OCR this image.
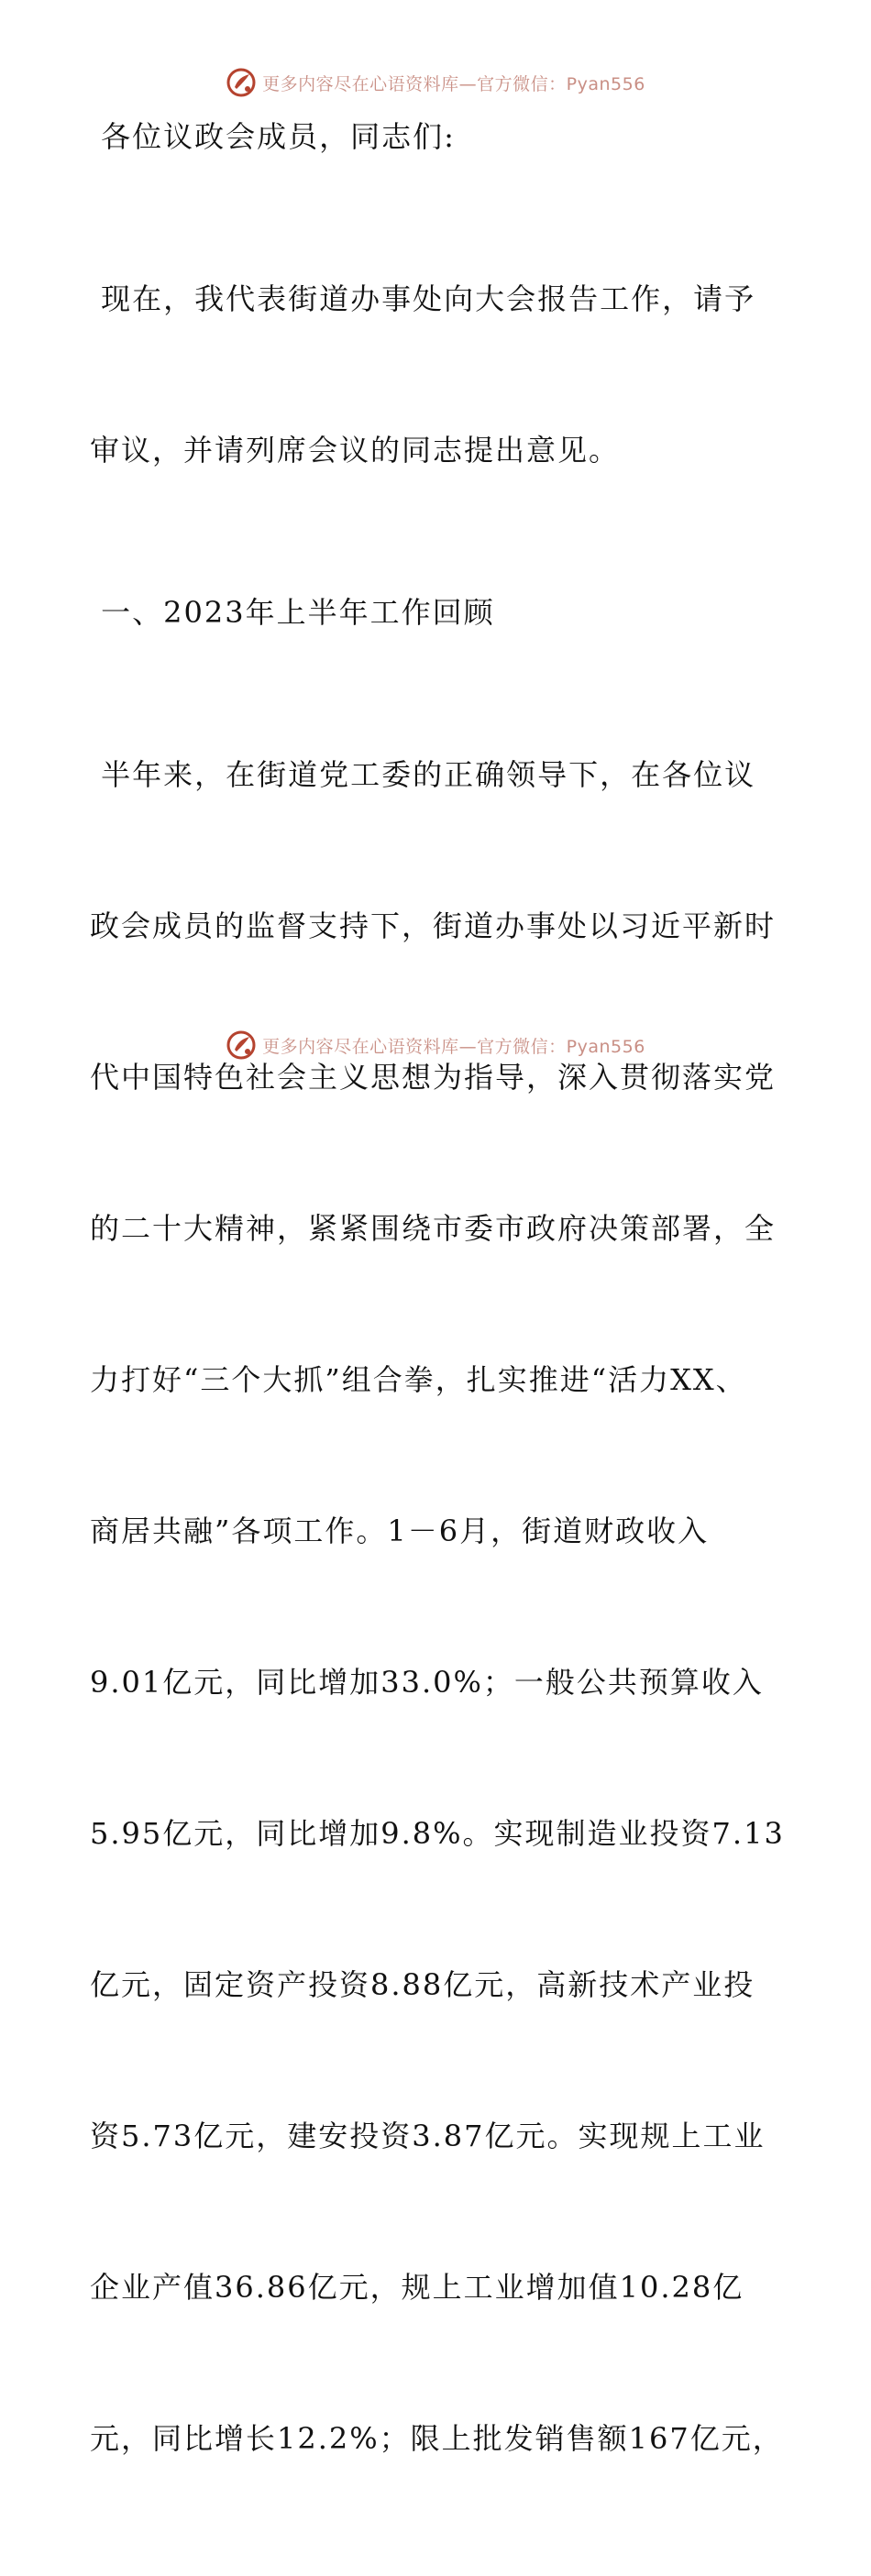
更多内容尽在心语资料库—官方微信：Pyan556

各位议政会成员，同志们:

现在，我代表街道办事处向大会报告工作，请予

审议，并请列席会议的同志提出意见。

一、2023年上半年工作回顾

半年来，在街道党工委的正确领导下，在各位议

政会成员的监督支持下，街道办事处以习近平新时

代中国特色社会主义思想为指导，深入贯彻落实党

的二十大精神，紧紧围绕市委市政府决策部署，全

力打好“三个大抓”组合拳，扎实推进“活力XX、

商居共融”各项工作。1－6月，街道财政收入

9.01亿元，同比增加33.0%；一般公共预算收入

5.95亿元，同比增加9.8%。实现制造业投资7.13

亿元，固定资产投资8.88亿元，高新技术产业投

资5.73亿元，建安投资3.87亿元。实现规上工业

企业产值36.86亿元，规上工业增加值10.28亿

元，同比增长12.2%；限上批发销售额167亿元，

更多内容尽在心语资料库—官方微信：Pyan556
